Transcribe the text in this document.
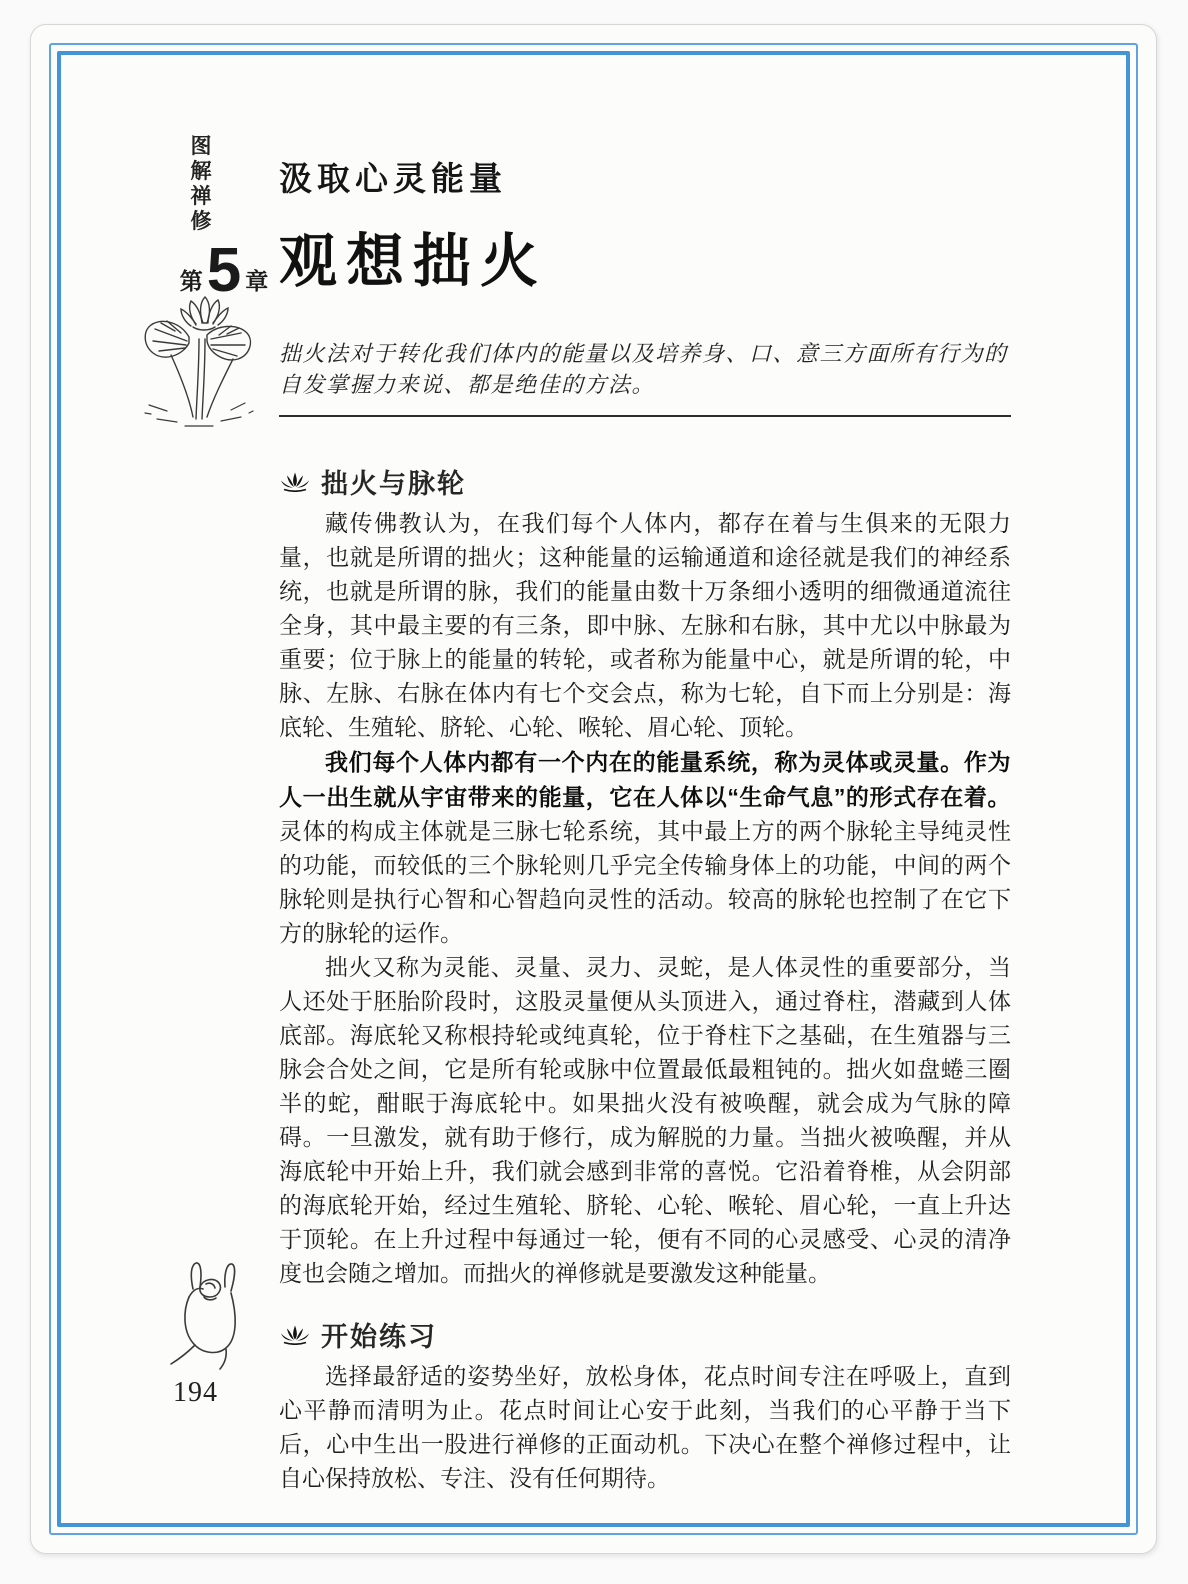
图
解
禅
修
第 5 章
汲取心灵能量
观想拙火
拙火法对于转化我们体内的能量以及培养身、口、意三方面所有行为的自发掌握力来说、都是绝佳的方法。
拙火与脉轮

藏传佛教认为，在我们每个人体内，都存在着与生俱来的无限力量，也就是所谓的拙火；这种能量的运输通道和途径就是我们的神经系统，也就是所谓的脉，我们的能量由数十万条细小透明的细微通道流往全身，其中最主要的有三条，即中脉、左脉和右脉，其中尤以中脉最为重要；位于脉上的能量的转轮，或者称为能量中心，就是所谓的轮，中脉、左脉、右脉在体内有七个交会点，称为七轮，自下而上分别是：海底轮、生殖轮、脐轮、心轮、喉轮、眉心轮、顶轮。

我们每个人体内都有一个内在的能量系统，称为灵体或灵量。作为人一出生就从宇宙带来的能量，它在人体以“生命气息”的形式存在着。灵体的构成主体就是三脉七轮系统，其中最上方的两个脉轮主导纯灵性的功能，而较低的三个脉轮则几乎完全传输身体上的功能，中间的两个脉轮则是执行心智和心智趋向灵性的活动。较高的脉轮也控制了在它下方的脉轮的运作。

拙火又称为灵能、灵量、灵力、灵蛇，是人体灵性的重要部分，当人还处于胚胎阶段时，这股灵量便从头顶进入，通过脊柱，潜藏到人体底部。海底轮又称根持轮或纯真轮，位于脊柱下之基础，在生殖器与三脉会合处之间，它是所有轮或脉中位置最低最粗钝的。拙火如盘蜷三圈半的蛇，酣眠于海底轮中。如果拙火没有被唤醒，就会成为气脉的障碍。一旦激发，就有助于修行，成为解脱的力量。当拙火被唤醒，并从海底轮中开始上升，我们就会感到非常的喜悦。它沿着脊椎，从会阴部的海底轮开始，经过生殖轮、脐轮、心轮、喉轮、眉心轮，一直上升达于顶轮。在上升过程中每通过一轮，便有不同的心灵感受、心灵的清净度也会随之增加。而拙火的禅修就是要激发这种能量。

开始练习

选择最舒适的姿势坐好，放松身体，花点时间专注在呼吸上，直到心平静而清明为止。花点时间让心安于此刻，当我们的心平静于当下后，心中生出一股进行禅修的正面动机。下决心在整个禅修过程中，让自心保持放松、专注、没有任何期待。

194
